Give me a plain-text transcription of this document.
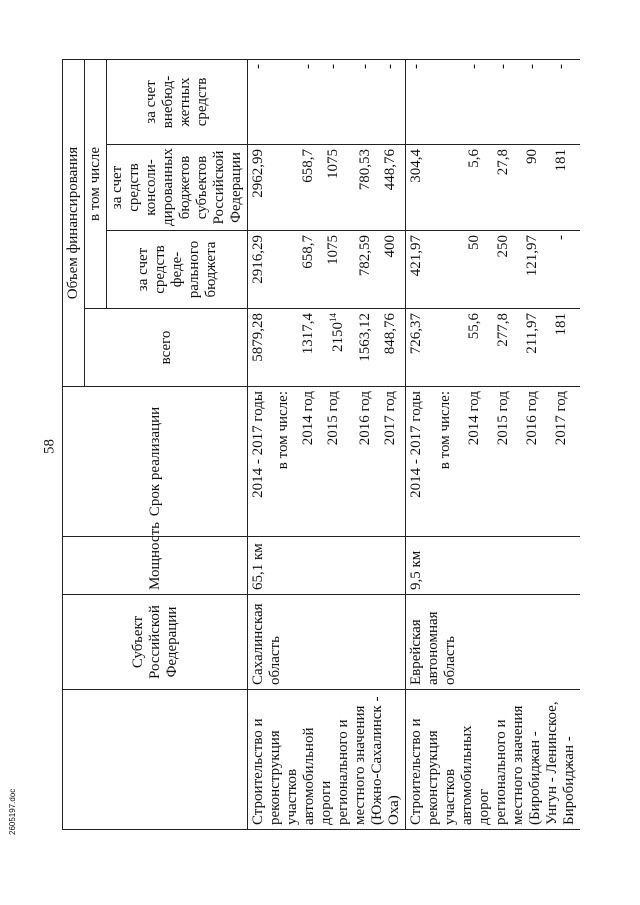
58
2605197.doc
	Субъект Российской Федерации	Мощность	Срок реализации	Объем финансирования			
				всего	в том числе		
					за счет средств феде-рального бюджета	за счет средств консоли-дированных бюджетов субъектов Российской Федерации	за счет внебюд-жетных средств
Строительство и реконструкция участков автомобильной дороги регионального и местного значения (Южно-Сахалинск - Оха)	Сахалинская область	65,1 км	2014 - 2017 годы	5879,28	2916,29	2962,99	-
			в том числе:				
			2014 год	1317,4	658,7	658,7	-
			2015 год	2150$^{14}$	1075	1075	-
			2016 год	1563,12	782,59	780,53	-
			2017 год	848,76	400	448,76	-
Строительство и реконструкция участков автомобильных дорог регионального и местного значения (Биробиджан - Унгун - Ленинское, Биробиджан -	Еврейская автономная область	9,5 км	2014 - 2017 годы	726,37	421,97	304,4	-
			в том числе:				
			2014 год	55,6	50	5,6	-
			2015 год	277,8	250	27,8	-
			2016 год	211,97	121,97	90	-
			2017 год	181	-	181	-
